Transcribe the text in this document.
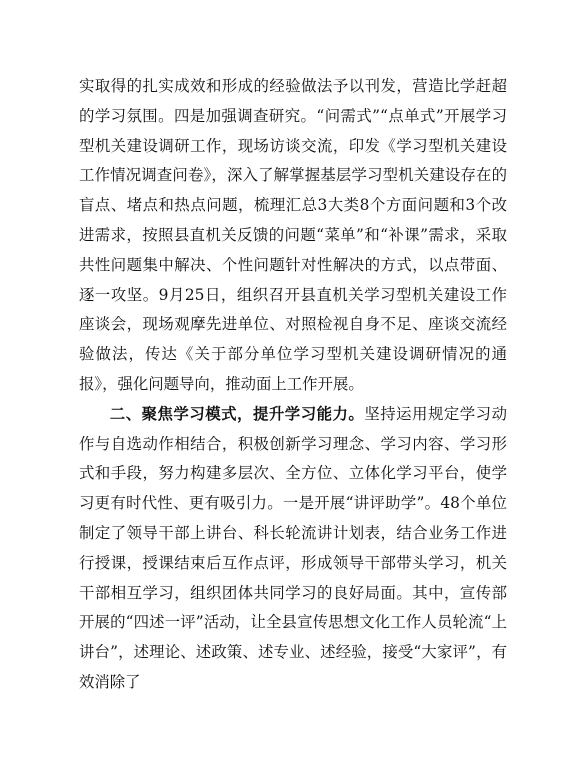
实取得的扎实成效和形成的经验做法予以刊发，营造比学赶超的学习氛围。四是加强调查研究。“问需式”“点单式”开展学习型机关建设调研工作，现场访谈交流，印发《学习型机关建设工作情况调查问卷》，深入了解掌握基层学习型机关建设存在的盲点、堵点和热点问题，梳理汇总3大类8个方面问题和3个改进需求，按照县直机关反馈的问题“菜单”和“补课”需求，采取共性问题集中解决、个性问题针对性解决的方式，以点带面、逐一攻坚。9月25日，组织召开县直机关学习型机关建设工作座谈会，现场观摩先进单位、对照检视自身不足、座谈交流经验做法，传达《关于部分单位学习型机关建设调研情况的通报》，强化问题导向，推动面上工作开展。

二、聚焦学习模式，提升学习能力。坚持运用规定学习动作与自选动作相结合，积极创新学习理念、学习内容、学习形式和手段，努力构建多层次、全方位、立体化学习平台，使学习更有时代性、更有吸引力。一是开展“讲评助学”。48个单位制定了领导干部上讲台、科长轮流讲计划表，结合业务工作进行授课，授课结束后互作点评，形成领导干部带头学习，机关干部相互学习，组织团体共同学习的良好局面。其中，宣传部开展的“四述一评”活动，让全县宣传思想文化工作人员轮流“上讲台”，述理论、述政策、述专业、述经验，接受“大家评”，有效消除了
